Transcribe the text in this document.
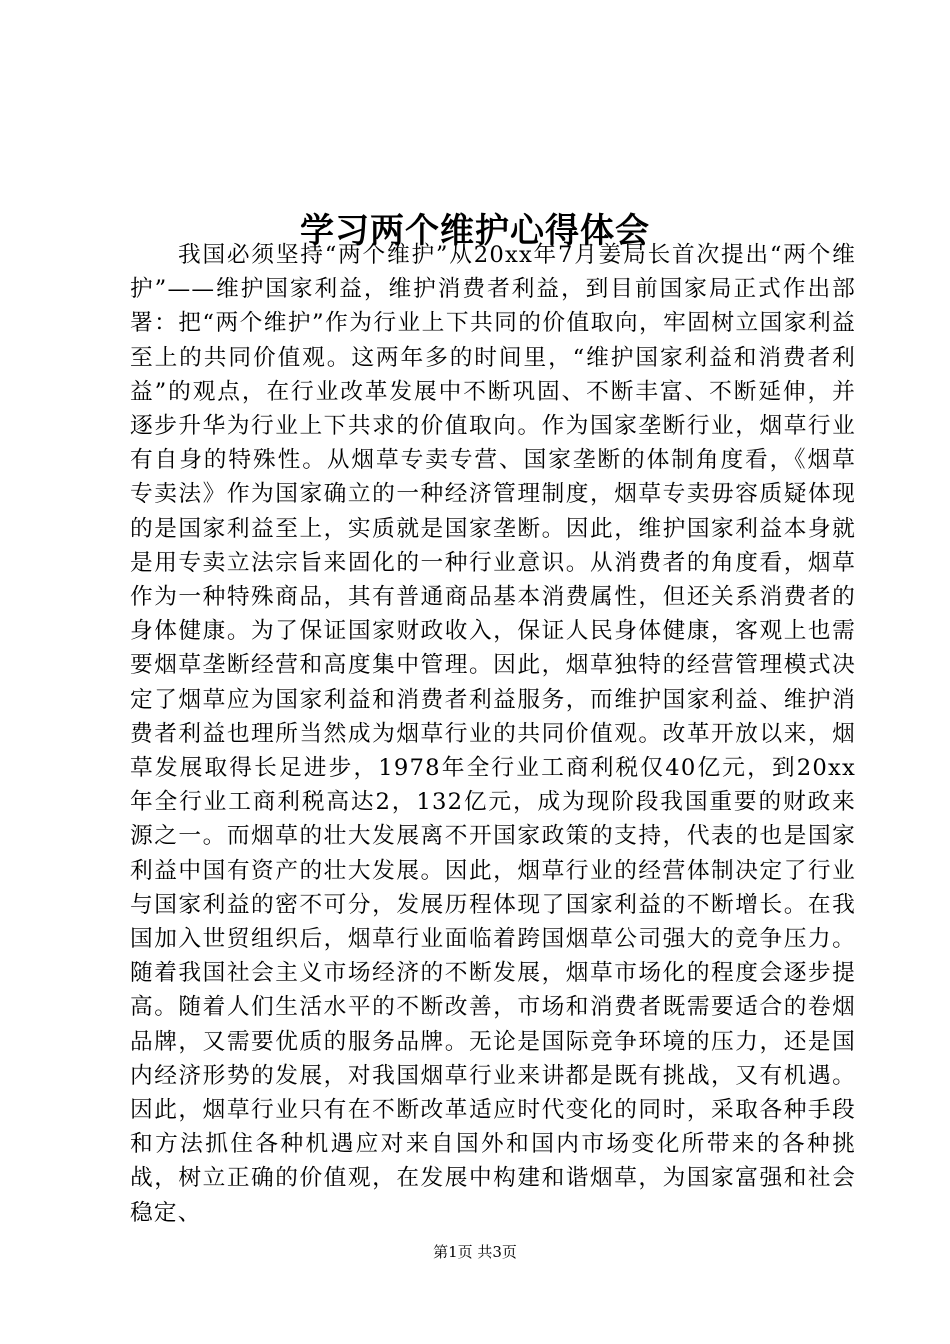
学习两个维护心得体会

我国必须坚持“两个维护”从20xx年7月姜局长首次提出“两个维护”——维护国家利益，维护消费者利益，到目前国家局正式作出部署：把“两个维护”作为行业上下共同的价值取向，牢固树立国家利益至上的共同价值观。这两年多的时间里，“维护国家利益和消费者利益”的观点，在行业改革发展中不断巩固、不断丰富、不断延伸，并逐步升华为行业上下共求的价值取向。作为国家垄断行业，烟草行业有自身的特殊性。从烟草专卖专营、国家垄断的体制角度看，《烟草专卖法》作为国家确立的一种经济管理制度，烟草专卖毋容质疑体现的是国家利益至上，实质就是国家垄断。因此，维护国家利益本身就是用专卖立法宗旨来固化的一种行业意识。从消费者的角度看，烟草作为一种特殊商品，其有普通商品基本消费属性，但还关系消费者的身体健康。为了保证国家财政收入，保证人民身体健康，客观上也需要烟草垄断经营和高度集中管理。因此，烟草独特的经营管理模式决定了烟草应为国家利益和消费者利益服务，而维护国家利益、维护消费者利益也理所当然成为烟草行业的共同价值观。改革开放以来，烟草发展取得长足进步，1978年全行业工商利税仅40亿元，到20xx年全行业工商利税高达2，132亿元，成为现阶段我国重要的财政来源之一。而烟草的壮大发展离不开国家政策的支持，代表的也是国家利益中国有资产的壮大发展。因此，烟草行业的经营体制决定了行业与国家利益的密不可分，发展历程体现了国家利益的不断增长。在我国加入世贸组织后，烟草行业面临着跨国烟草公司强大的竞争压力。随着我国社会主义市场经济的不断发展，烟草市场化的程度会逐步提高。随着人们生活水平的不断改善，市场和消费者既需要适合的卷烟品牌，又需要优质的服务品牌。无论是国际竞争环境的压力，还是国内经济形势的发展，对我国烟草行业来讲都是既有挑战，又有机遇。因此，烟草行业只有在不断改革适应时代变化的同时，采取各种手段和方法抓住各种机遇应对来自国外和国内市场变化所带来的各种挑战，树立正确的价值观，在发展中构建和谐烟草，为国家富强和社会稳定、

第1页 共3页
